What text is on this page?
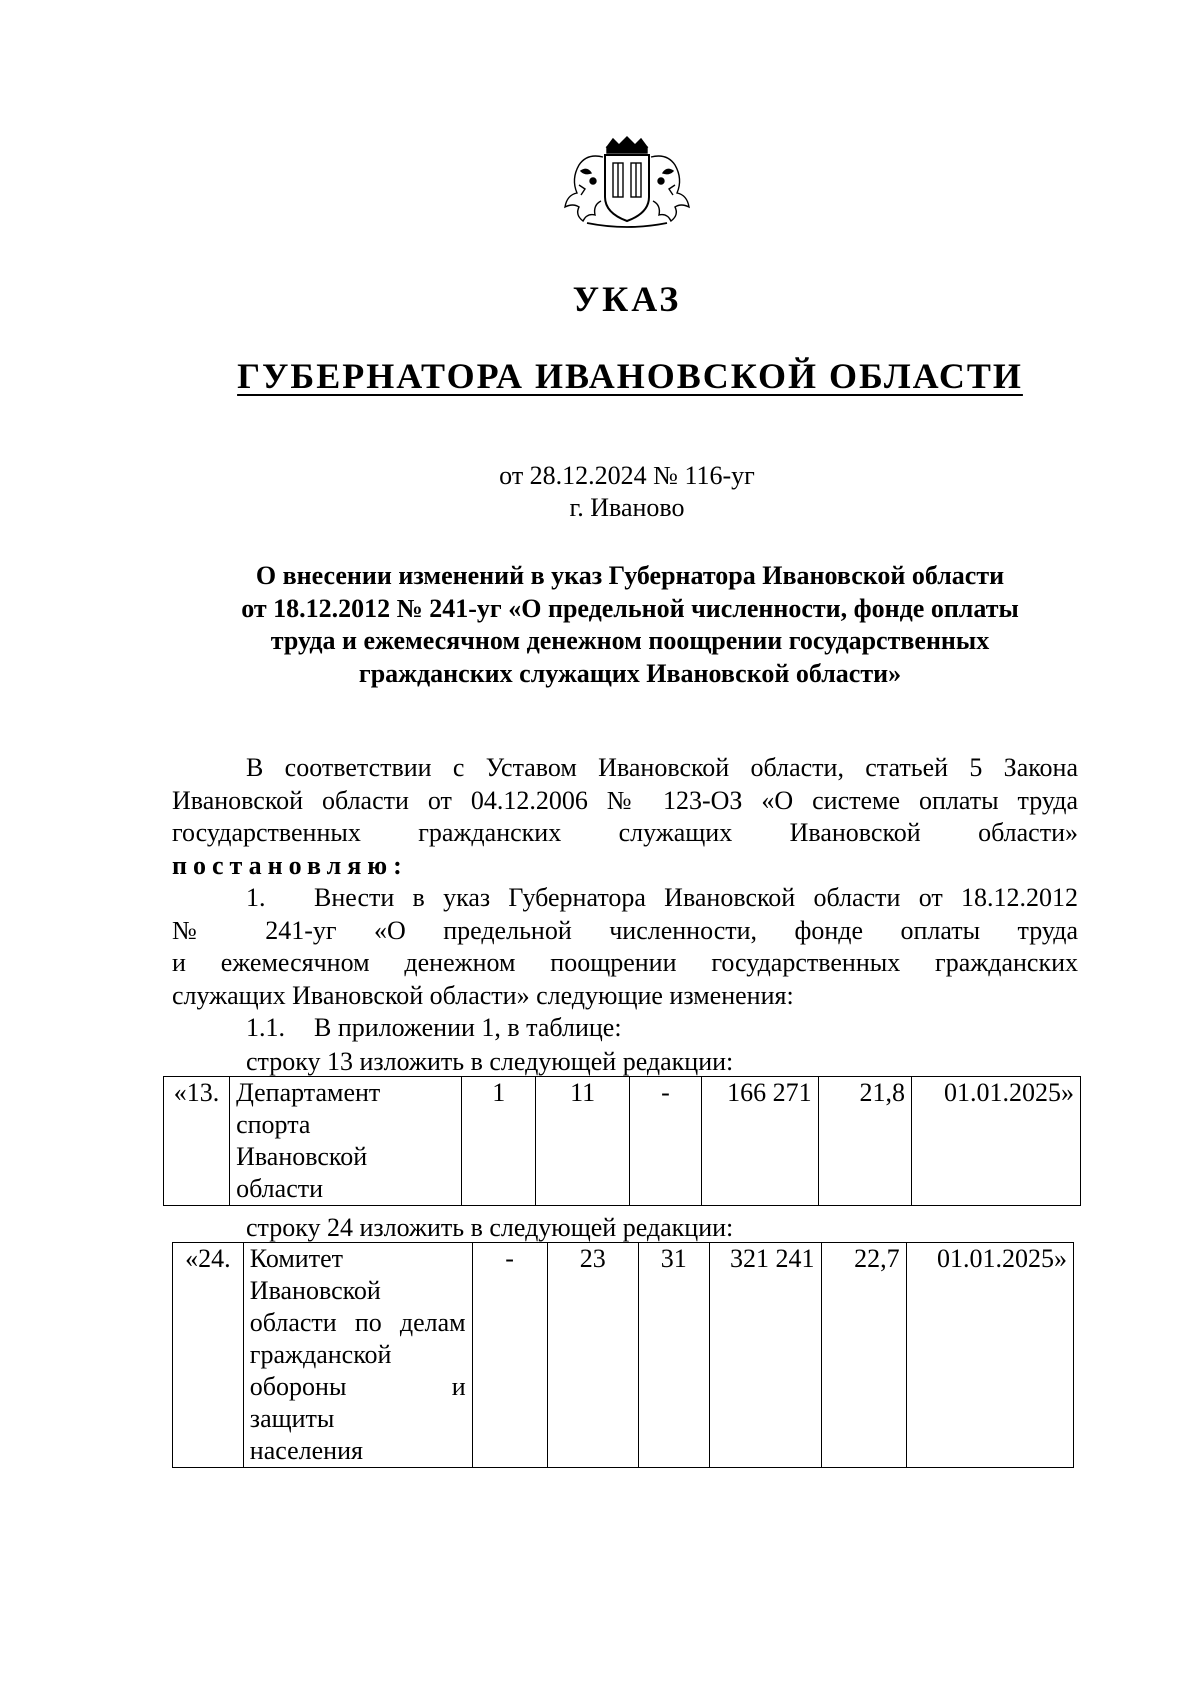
УКАЗ
ГУБЕРНАТОРА ИВАНОВСКОЙ ОБЛАСТИ
от 28.12.2024 № 116-уг
г. Иваново
О внесении изменений в указ Губернатора Ивановской области
от 18.12.2012 № 241-уг «О предельной численности, фонде оплаты
труда и ежемесячном денежном поощрении государственных
гражданских служащих Ивановской области»
В соответствии с Уставом Ивановской области, статьей 5 Закона
Ивановской области от 04.12.2006 № 123-ОЗ «О системе оплаты труда
государственных гражданских служащих Ивановской области»
постановляю:
1. Внести в указ Губернатора Ивановской области от 18.12.2012
№ 241-уг «О предельной численности, фонде оплаты труда
и ежемесячном денежном поощрении государственных гражданских
служащих Ивановской области» следующие изменения:
1.1. В приложении 1, в таблице:
строку 13 изложить в следующей редакции:
«13.	Департамент
спорта
Ивановской
области
	1	11	-	166 271	21,8	01.01.2025»
строку 24 изложить в следующей редакции:
«24.	Комитет
Ивановской
области по делам
гражданской
обороны и
защиты
населения
	-	23	31	321 241	22,7	01.01.2025»
